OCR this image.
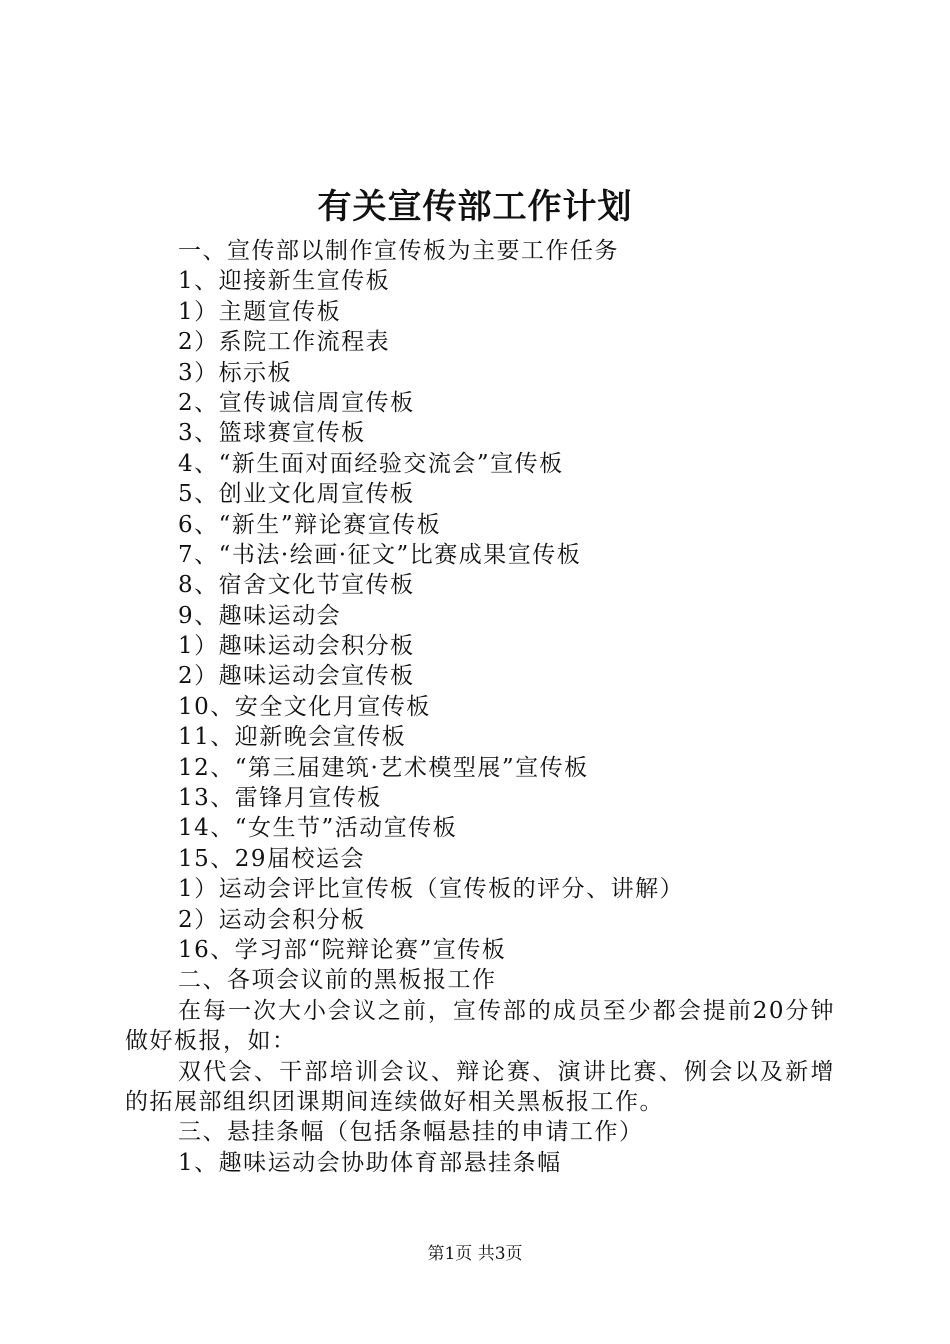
有关宣传部工作计划
一、宣传部以制作宣传板为主要工作任务
1、迎接新生宣传板
1）主题宣传板
2）系院工作流程表
3）标示板
2、宣传诚信周宣传板
3、篮球赛宣传板
4、“新生面对面经验交流会”宣传板
5、创业文化周宣传板
6、“新生”辩论赛宣传板
7、“书法·绘画·征文”比赛成果宣传板
8、宿舍文化节宣传板
9、趣味运动会
1）趣味运动会积分板
2）趣味运动会宣传板
10、安全文化月宣传板
11、迎新晚会宣传板
12、“第三届建筑·艺术模型展”宣传板
13、雷锋月宣传板
14、“女生节”活动宣传板
15、29届校运会
1）运动会评比宣传板（宣传板的评分、讲解）
2）运动会积分板
16、学习部“院辩论赛”宣传板
二、各项会议前的黑板报工作
在每一次大小会议之前，宣传部的成员至少都会提前20分钟做好板报，如：
双代会、干部培训会议、辩论赛、演讲比赛、例会以及新增的拓展部组织团课期间连续做好相关黑板报工作。
三、悬挂条幅（包括条幅悬挂的申请工作）
1、趣味运动会协助体育部悬挂条幅
第1页 共3页
